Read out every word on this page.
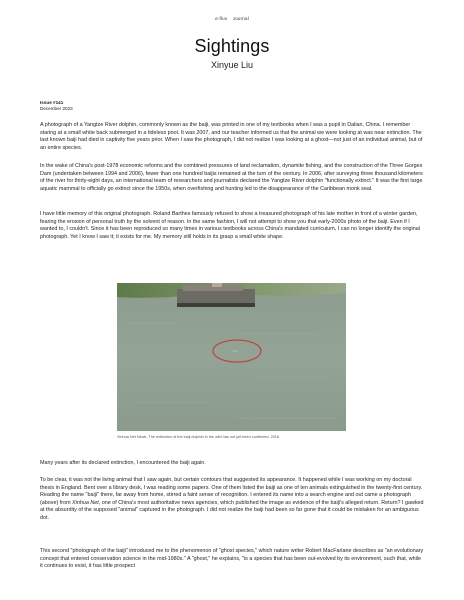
e-flux Journal
Sightings
Xinyue Liu
Issue #141
December 2023

A photograph of a Yangtze River dolphin, commonly known as the baiji, was printed in one of my textbooks when I was a pupil in Dalian, China. I remember staring at a small white back submerged in a tideless pool. It was 2007, and our teacher informed us that the animal we were looking at was near extinction. The last known baiji had died in captivity five years prior. When I saw the photograph, I did not realize I was looking at a ghost—not just of an individual animal, but of an entire species.

In the wake of China's post-1978 economic reforms and the combined pressures of land reclamation, dynamite fishing, and the construction of the Three Gorges Dam (undertaken between 1994 and 2006), fewer than one hundred baijis remained at the turn of the century. In 2006, after surveying three thousand kilometers of the river for thirty-eight days, an international team of researchers and journalists declared the Yangtze River dolphin "functionally extinct." It was the first large aquatic mammal to officially go extinct since the 1950s, when overfishing and hunting led to the disappearance of the Caribbean monk seal.

I have little memory of this original photograph. Roland Barthes famously refused to show a treasured photograph of his late mother in front of a winter garden, fearing the erosion of personal truth by the solvent of reason. In the same fashion, I will not attempt to show you that early-2000s photo of the baiji. Even if I wanted to, I couldn't. Since it has been reproduced so many times in various textbooks across China's mandated curriculum, I can no longer identify the original photograph. Yet I know I saw it; it exists for me. My memory still holds in its grasp a small white shape.

Xinhua Net News. The extinction of the baiji dolphin in the wild has not yet been confirmed. 2018

Many years after its declared extinction, I encountered the baiji again.

To be clear, it was not the living animal that I saw again, but certain contours that suggested its appearance. It happened while I was working on my doctoral thesis in England. Bent over a library desk, I was reading some papers. One of them listed the baiji as one of ten animals extinguished in the twenty-first century. Reading the name "baiji" there, far away from home, stirred a faint sense of recognition. I entered its name into a search engine and out came a photograph (above) from Xinhua Net, one of China's most authoritative news agencies, which published the image as evidence of the baiji's alleged return. Return? I gawked at the absurdity of the supposed "animal" captured in the photograph. I did not realize the baiji had been so far gone that it could be mistaken for an ambiguous dot.

This second "photograph of the baiji" introduced me to the phenomenon of "ghost species," which nature writer Robert MacFarlane describes as "an evolutionary concept that entered conservation science in the mid-1980s." A "ghost," he explains, "is a species that has been out-evolved by its environment, such that, while it continues to exist, it has little prospect
